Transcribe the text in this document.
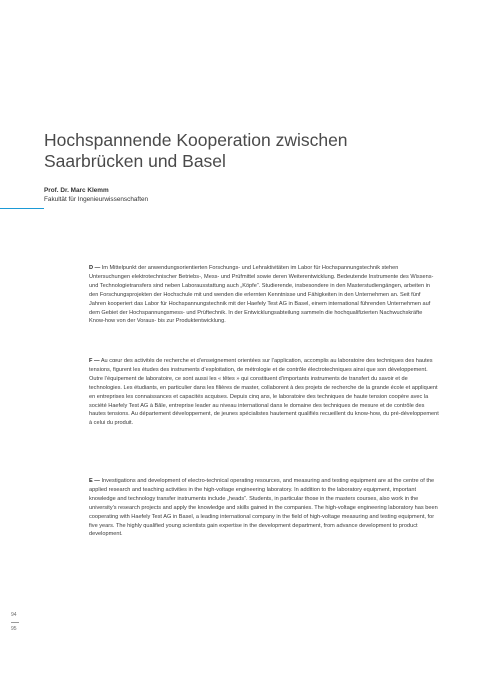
Hochspannende Kooperation zwischen
Saarbrücken und Basel
Prof. Dr. Marc Klemm
Fakultät für Ingenieurwissenschaften

D — Im Mittelpunkt der anwendungsorientierten Forschungs- und Lehraktivitäten im Labor für Hochspannungstechnik stehen Untersuchungen elektrotechnischer Betriebs-, Mess- und Prüfmittel sowie deren Weiterentwicklung. Bedeutende Instrumente des Wissens- und Technologietransfers sind neben Laborausstattung auch „Köpfe“. Studierende, insbesondere in den Masterstudiengängen, arbeiten in den Forschungsprojekten der Hochschule mit und wenden die erlernten Kenntnisse und Fähigkeiten in den Unternehmen an. Seit fünf Jahren kooperiert das Labor für Hochspannungstechnik mit der Haefely Test AG in Basel, einem international führenden Unternehmen auf dem Gebiet der Hochspannungsmess- und Prüftechnik. In der Entwicklungsabteilung sammeln die hochqualifizierten Nachwuchskräfte Know-how von der Voraus- bis zur Produktentwicklung.

F — Au cœur des activités de recherche et d’enseignement orientées sur l’application, accomplis au laboratoire des techniques des hautes tensions, figurent les études des instruments d’exploitation, de métrologie et de contrôle électrotechniques ainsi que son développement. Outre l’équipement de laboratoire, ce sont aussi les « têtes » qui constituent d’importants instruments de transfert du savoir et de technologies. Les étudiants, en particulier dans les filières de master, collaborent à des projets de recherche de la grande école et appliquent en entreprises les connaissances et capacités acquises. Depuis cinq ans, le laboratoire des techniques de haute tension coopère avec la société Haefely Test AG à Bâle, entreprise leader au niveau international dans le domaine des techniques de mesure et de contrôle des hautes tensions. Au département développement, de jeunes spécialistes hautement qualifiés recueillent du know-how, du pré-développement à celui du produit.

E — Investigations and development of electro-technical operating resources, and measuring and testing equipment are at the centre of the applied research and teaching activities in the high-voltage engineering laboratory. In addition to the laboratory equipment, important knowledge and technology transfer instruments include „heads“. Students, in particular those in the masters courses, also work in the university’s research projects and apply the knowledge and skills gained in the companies. The high-voltage engineering laboratory has been cooperating with Haefely Test AG in Basel, a leading international company in the field of high-voltage measuring and testing equipment, for five years. The highly qualified young scientists gain expertise in the development department, from advance development to product development.

94
95
